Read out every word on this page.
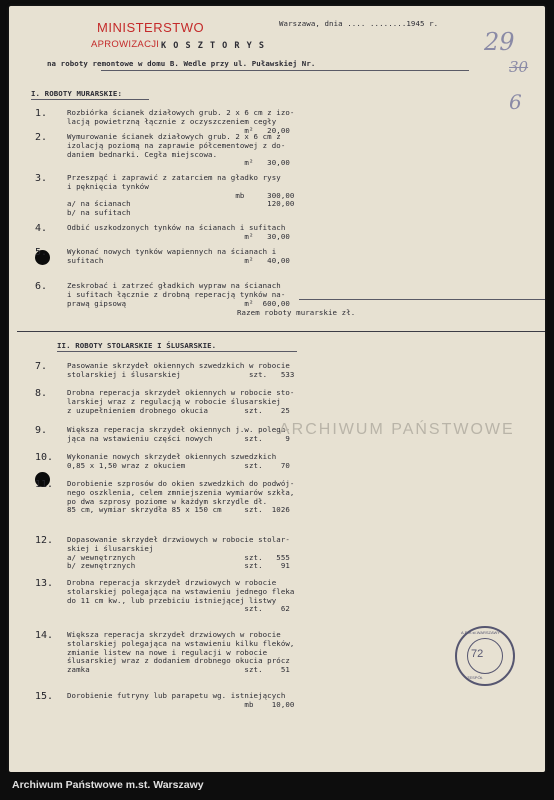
MINISTERSTWO
APROWIZACJI
Warszawa, dnia .... ........1945 r.
K O S Z T O R Y S
na roboty remontowe w domu B. Wedle przy ul. Puławskiej Nr.
29
30
6
I. ROBOTY MURARSKIE:
1.	Rozbiórka ścianek działowych grub. 2 x 6 cm z izo-
lacją powietrzną łącznie z oczyszczeniem cegły
m²   20,00
2.	Wymurowanie ścianek działowych grub. 2 x 6 cm z
izolacją poziomą na zaprawie półcementowej z do-
daniem bednarki. Cegła miejscowa.
m²   30,00
3.	Przeszpąć i zaprawić z zatarciem na gładko rysy
i pęknięcia tynków
mb     300,00
a/ na ścianach                              120,00
b/ na sufitach
4.	Odbić uszkodzonych tynków na ścianach i sufitach
m²   30,00
5.	Wykonać nowych tynków wapiennych na ścianach i
sufitach                               m²   40,00
6.	Zeskrobać i zatrzeć gładkich wypraw na ścianach
i sufitach łącznie z drobną reperacją tynków na-
prawą gipsową                          m²  600,00
Razem roboty murarskie zł.
II. ROBOTY STOLARSKIE I ŚLUSARSKIE.
7.	Pasowanie skrzydeł okiennych szwedzkich w robocie
stolarskiej i ślusarskiej               szt.   533
8.	Drobna reperacja skrzydeł okiennych w robocie sto-
larskiej wraz z regulacją w robocie ślusarskiej
z uzupełnieniem drobnego okucia        szt.    25
9.	Większa reperacja skrzydeł okiennych j.w. polega-
jąca na wstawieniu części nowych       szt.     9
10. Wykonanie nowych skrzydeł okiennych szwedzkich
0,85 x 1,50 wraz z okuciem             szt.    70
11. Dorobienie szprosów do okien szwedzkich do podwój-
nego oszklenia, celem zmniejszenia wymiarów szkła,
po dwa szprosy poziome w każdym skrzydle dł.
85 cm, wymiar skrzydła 85 x 150 cm     szt.  1026
12. Dopasowanie skrzydeł drzwiowych w robocie stolar-
skiej i ślusarskiej
a/ wewnętrznych                        szt.   555
b/ zewnętrznych                        szt.    91
13. Drobna reperacja skrzydeł drzwiowych w robocie
stolarskiej polegająca na wstawieniu jednego fleka
do 11 cm kw., lub przebiciu istniejącej listwy
szt.    62
14. Większa reperacja skrzydeł drzwiowych w robocie
stolarskiej polegająca na wstawieniu kilku fleków,
zmianie listew na nowe i regulacji w robocie
ślusarskiej wraz z dodaniem drobnego okucia prócz
zamka                                  szt.    51
15. Dorobienie futryny lub parapetu wg. istniejących
mb    10,00
ARCHIWUM PAŃSTWOWE
A.P.m.st.WARSZAWY
72
ZESPÓŁ
Archiwum Państwowe m.st. Warszawy
